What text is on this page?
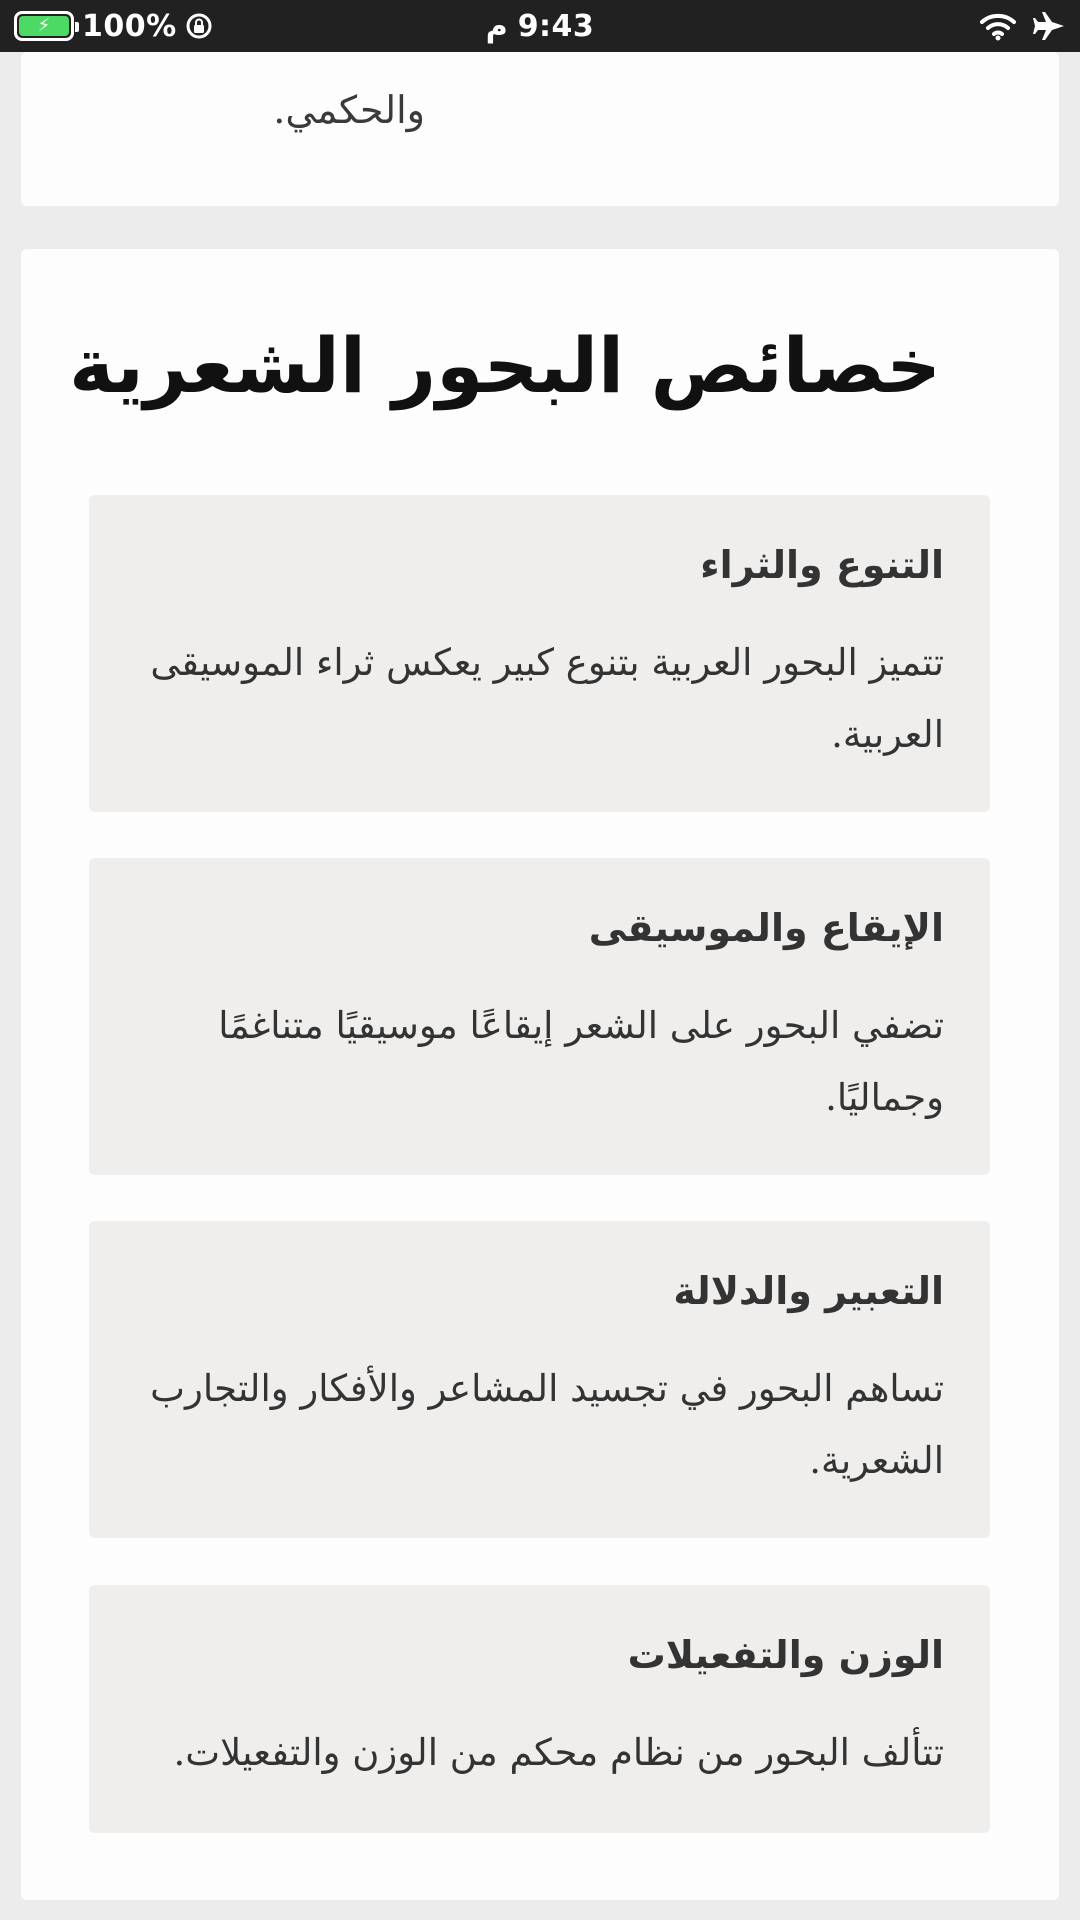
⚡ 100%	م 9:43
والحكمي.
خصائص البحور الشعرية
التنوع والثراء

تتميز البحور العربية بتنوع كبير يعكس ثراء الموسيقى العربية.

الإيقاع والموسيقى

تضفي البحور على الشعر إيقاعًا موسيقيًا متناغمًا وجماليًا.

التعبير والدلالة

تساهم البحور في تجسيد المشاعر والأفكار والتجارب الشعرية.

الوزن والتفعيلات

تتألف البحور من نظام محكم من الوزن والتفعيلات.
